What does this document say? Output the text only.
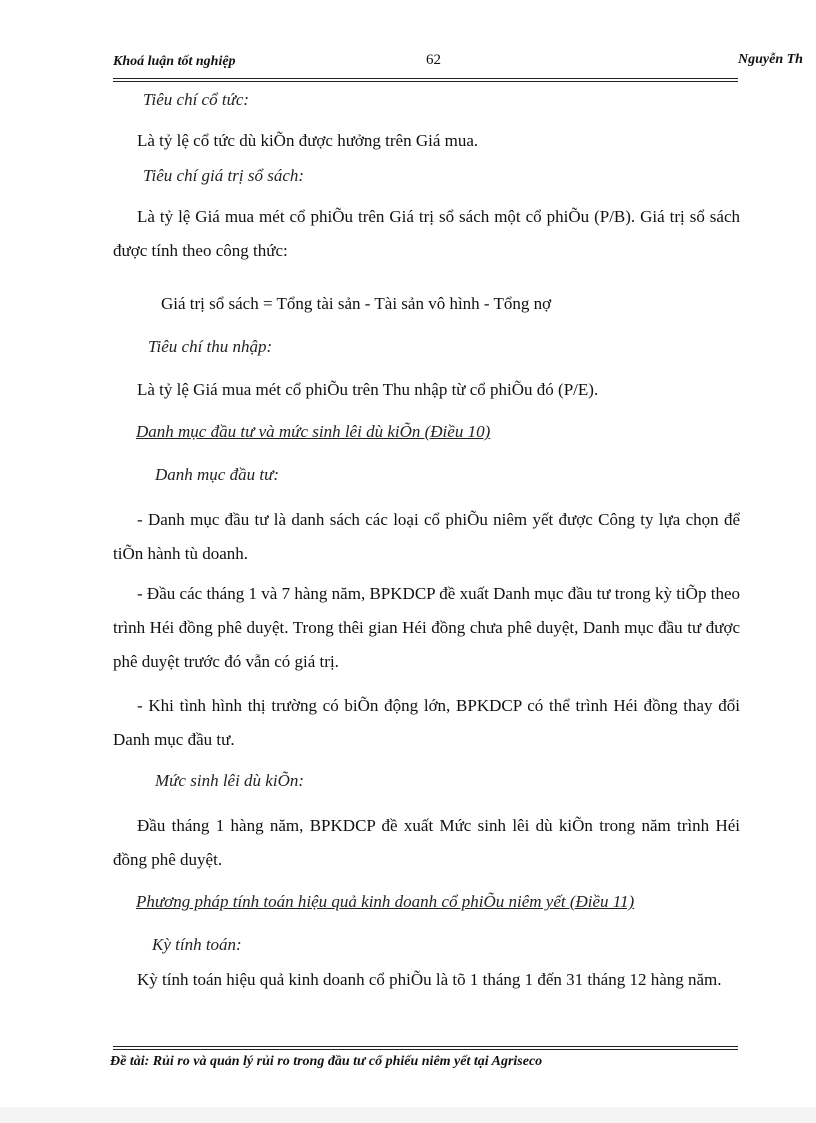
Khoá luận tốt nghiệp	62	Nguyễn Th
Tiêu chí cổ tức:
Là tỷ lệ cổ tức dù kiÕn được hưởng trên Giá mua.
Tiêu chí giá trị sổ sách:
Là tỷ lệ Giá mua mét cổ phiÕu trên Giá trị sổ sách một cổ phiÕu (P/B). Giá trị sổ sách được tính theo công thức:
Giá trị sổ sách = Tổng tài sản - Tài sản vô hình - Tổng nợ
Tiêu chí thu nhập:
Là tỷ lệ Giá mua mét cổ phiÕu trên Thu nhập từ cổ phiÕu đó (P/E).
Danh mục đầu tư và mức sinh lêi dù kiÕn (Điều 10)
Danh mục đầu tư:
- Danh mục đầu tư là danh sách các loại cổ phiÕu niêm yết được Công ty lựa chọn để tiÕn hành tù doanh.
- Đầu các tháng 1 và 7 hàng năm, BPKDCP đề xuất Danh mục đầu tư trong kỳ tiÕp theo trình Héi đồng phê duyệt. Trong thêi gian Héi đồng chưa phê duyệt, Danh mục đầu tư được phê duyệt trước đó vẫn có giá trị.
- Khi tình hình thị trường có biÕn động lớn, BPKDCP có thể trình Héi đồng thay đổi Danh mục đầu tư.
Mức sinh lêi dù kiÕn:
Đầu tháng 1 hàng năm, BPKDCP đề xuất Mức sinh lêi dù kiÕn trong năm trình Héi đồng phê duyệt.
Phương pháp tính toán hiệu quả kinh doanh cổ phiÕu niêm yết (Điều 11)
Kỳ tính toán:
Kỳ tính toán hiệu quả kinh doanh cổ phiÕu là tõ 1 tháng 1 đến 31 tháng 12 hàng năm.
Đề tài: Rủi ro và quản lý rủi ro trong đầu tư cổ phiếu niêm yết tại Agriseco
